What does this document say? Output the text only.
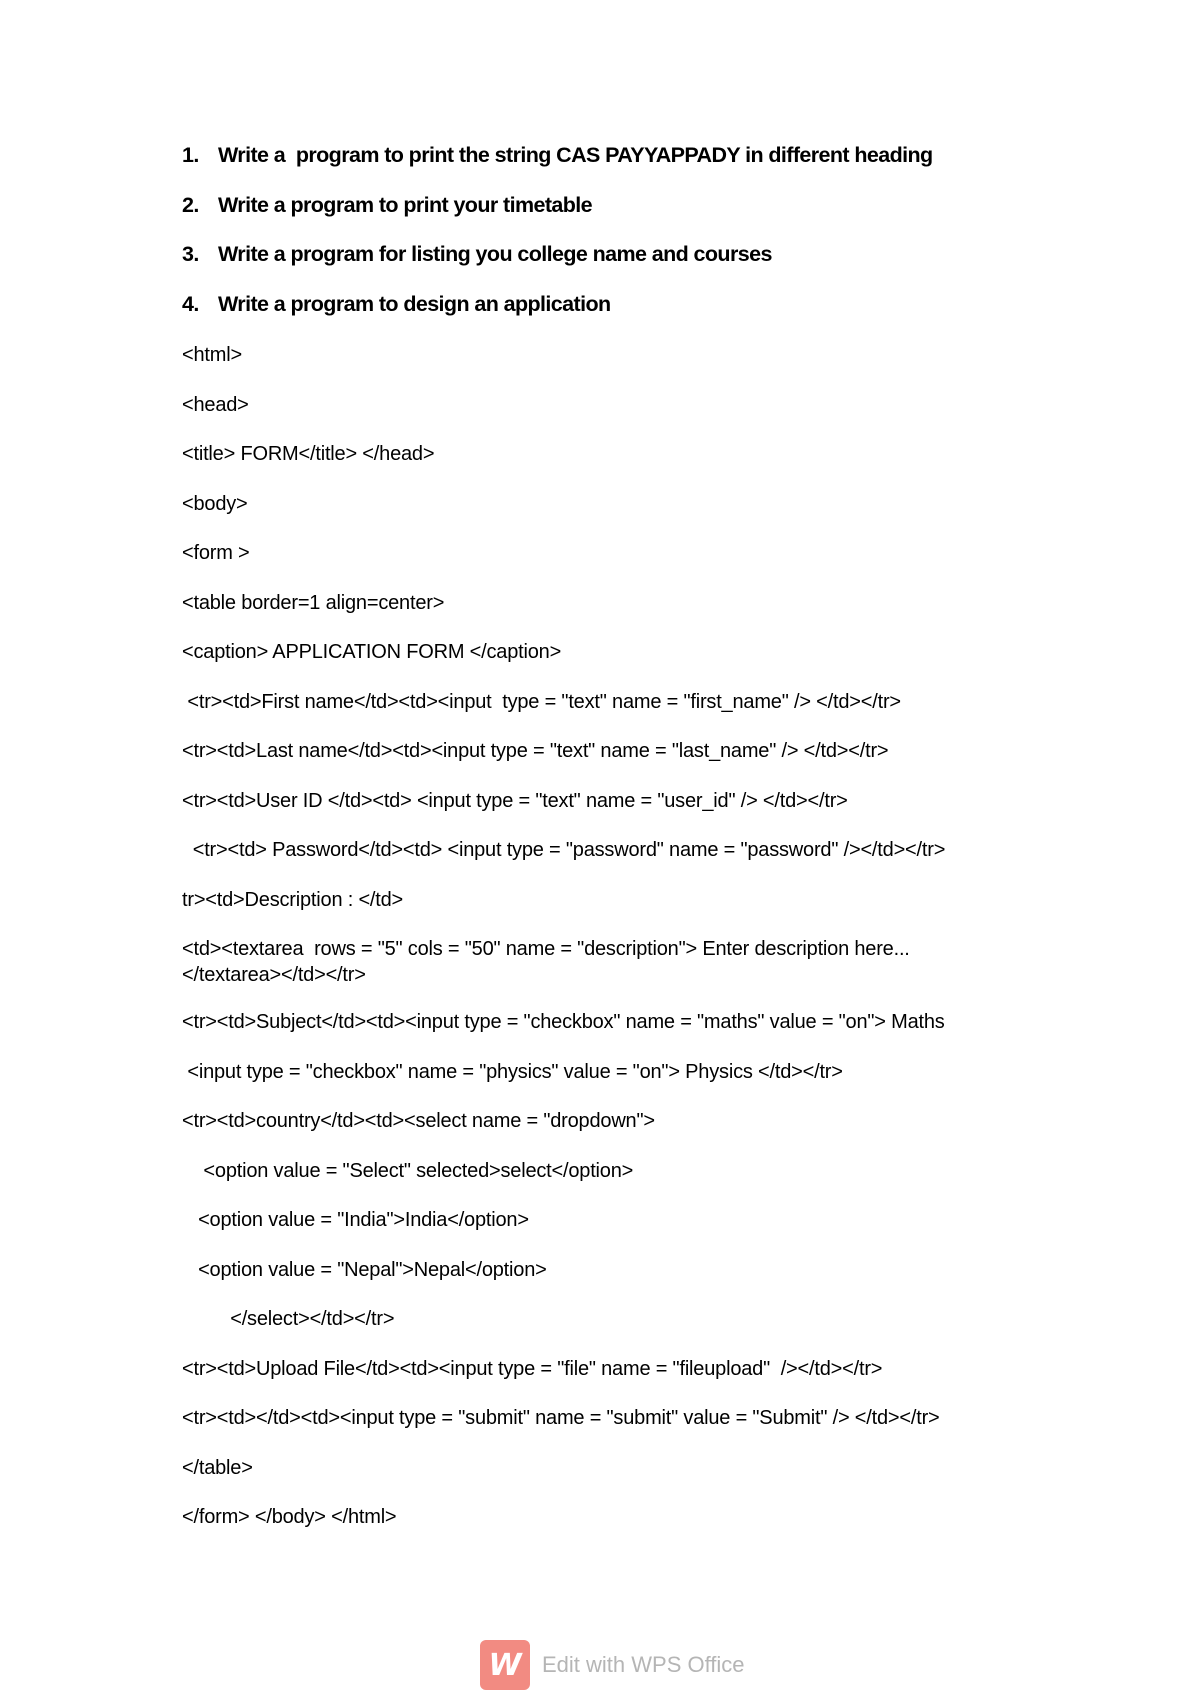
1. Write a  program to print the string CAS PAYYAPPADY in different heading
2. Write a program to print your timetable
3. Write a program for listing you college name and courses
4. Write a program to design an application
<html>
<head>
<title> FORM</title> </head>
<body>
<form >
<table border=1 align=center>
<caption> APPLICATION FORM </caption>
<tr><td>First name</td><td><input  type = "text" name = "first_name" /> </td></tr>
<tr><td>Last name</td><td><input type = "text" name = "last_name" /> </td></tr>
<tr><td>User ID </td><td> <input type = "text" name = "user_id" /> </td></tr>
<tr><td> Password</td><td> <input type = "password" name = "password" /></td></tr>
tr><td>Description : </td>
<td><textarea  rows = "5" cols = "50" name = "description"> Enter description here...
</textarea></td></tr>
<tr><td>Subject</td><td><input type = "checkbox" name = "maths" value = "on"> Maths
<input type = "checkbox" name = "physics" value = "on"> Physics </td></tr>
<tr><td>country</td><td><select name = "dropdown">
<option value = "Select" selected>select</option>
<option value = "India">India</option>
<option value = "Nepal">Nepal</option>
</select></td></tr>
<tr><td>Upload File</td><td><input type = "file" name = "fileupload"  /></td></tr>
<tr><td></td><td><input type = "submit" name = "submit" value = "Submit" /> </td></tr>
</table>
</form> </body> </html>
W Edit with WPS Office
